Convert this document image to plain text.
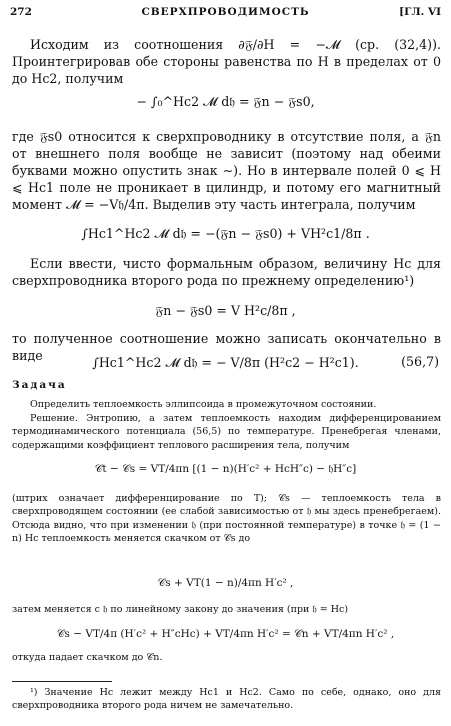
272	СВЕРХПРОВОДИМОСТЬ	[ГЛ. VI
Исходим из соотношения ∂𝔉/∂H = −𝓜 (ср. (32,4)). Проинтегрировав обе стороны равенства по H в пределах от 0 до Hc2, получим
− ∫₀^Hc2 𝓜 d𝔥 = 𝔉n − 𝔉s0,
где 𝔉s0 относится к сверхпроводнику в отсутствие поля, а 𝔉n от внешнего поля вообще не зависит (поэтому над обеими буквами можно опустить знак ∼). Но в интервале полей 0 ⩽ H ⩽ Hc1 поле не проникает в цилиндр, и потому его магнитный момент 𝓜 = −V𝔥/4π. Выделив эту часть интеграла, получим
∫Hc1^Hc2 𝓜 d𝔥 = −(𝔉n − 𝔉s0) + VH²c1/8π .
Если ввести, чисто формальным образом, величину Hc для сверхпроводника второго рода по прежнему определению¹)
𝔉n − 𝔉s0 = V H²c/8π ,
то полученное соотношение можно записать окончательно в виде	∫Hc1^Hc2 𝓜 d𝔥 = − V/8π (H²c2 − H²c1).	(56,7)
Задача
Определить теплоемкость эллипсоида в промежуточном состоянии.
Решение. Энтропию, а затем теплоемкость находим дифференцированием термодинамического потенциала (56,5) по температуре. Пренебрегая членами, содержащими коэффициент теплового расширения тела, получим
𝒞t − 𝒞s = VT/4πn [(1 − n)(H′c² + HcH″c) − 𝔥H″c]
(штрих означает дифференцирование по T); 𝒞s — теплоемкость тела в сверхпроводящем состоянии (ее слабой зависимостью от 𝔥 мы здесь пренебрегаем). Отсюда видно, что при изменении 𝔥 (при постоянной температуре) в точке 𝔥 = (1 − n) Hc теплоемкость меняется скачком от 𝒞s до
𝒞s + VT(1 − n)/4πn H′c² ,
затем меняется с 𝔥 по линейному закону до значения (при 𝔥 = Hc)
𝒞s − VT/4π (H′c² + H″cHc) + VT/4πn H′c² = 𝒞n + VT/4πn H′c² ,
откуда падает скачком до 𝒞n.
¹) Значение Hc лежит между Hc1 и Hc2. Само по себе, однако, оно для сверхпроводника второго рода ничем не замечательно.
